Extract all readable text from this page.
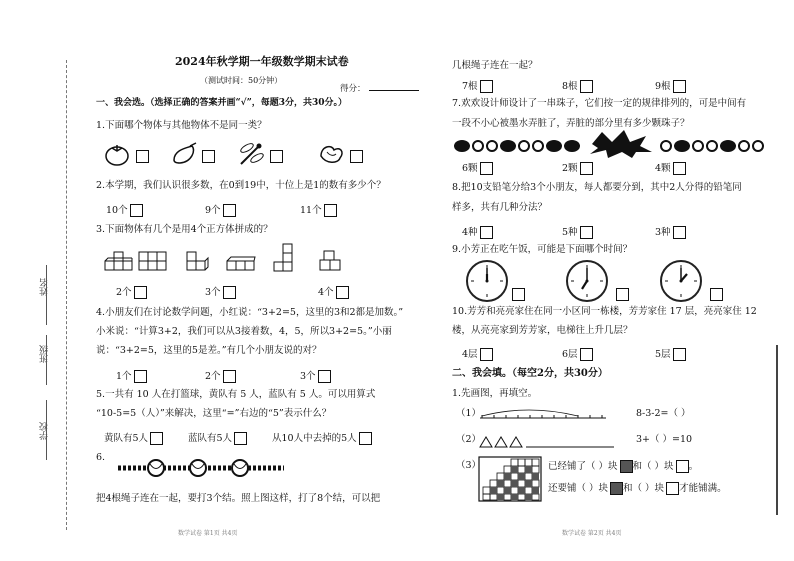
姓名
班级
学校
2024年秋学期一年级数学期末试卷
（测试时间：50分钟）
得分：
一、我会选。（选择正确的答案并画“√”，每题3分，共30分。）
1.下面哪个物体与其他物体不是同一类？
2.本学期，我们认识很多数，在0到19中，十位上是1的数有多少个？
10个	9个	11个
3.下面物体有几个是用4个正方体拼成的？
2个	3个	4个
4.小朋友们在讨论数学问题，小红说：“3+2=5，这里的3和2都是加数。”
小米说：“计算3+2，我们可以从3接着数，4，5，所以3+2=5。”小丽
说：“3+2=5，这里的5是差。”有几个小朋友说的对？
1个	2个	3个
5.一共有 10 人在打篮球，黄队有 5 人，蓝队有 5 人。可以用算式
“10-5=5（人）”来解决，这里“=”右边的“5”表示什么？
黄队有5人	蓝队有5人	从10人中去掉的5人
6.
把4根绳子连在一起，要打3个结。照上图这样，打了8个结，可以把
数学试卷 第1页 共4页
几根绳子连在一起？
7根	8根	9根
7.欢欢设计师设计了一串珠子，它们按一定的规律排列的，可是中间有
一段不小心被墨水弄脏了，弄脏的部分里有多少颗珠子？
6颗	2颗	4颗
8.把10支铅笔分给3个小朋友，每人都要分到，其中2人分得的铅笔同
样多，共有几种分法？
4种	5种	3种
9.小芳正在吃午饭，可能是下面哪个时间？
10.芳芳和亮亮家住在同一小区同一栋楼，芳芳家住 17 层，亮亮家住 12
楼，从亮亮家到芳芳家，电梯往上升几层？
4层	6层	5层
二、我会填。（每空2分，共30分）
1.先画图，再填空。
（1）	8-3-2=（ ）
（2）	3+（ ）=10
（3）	已经铺了（ ）块 和（ ）块 。
还要铺（ ）块 和（ ）块 才能铺满。
数学试卷 第2页 共4页
